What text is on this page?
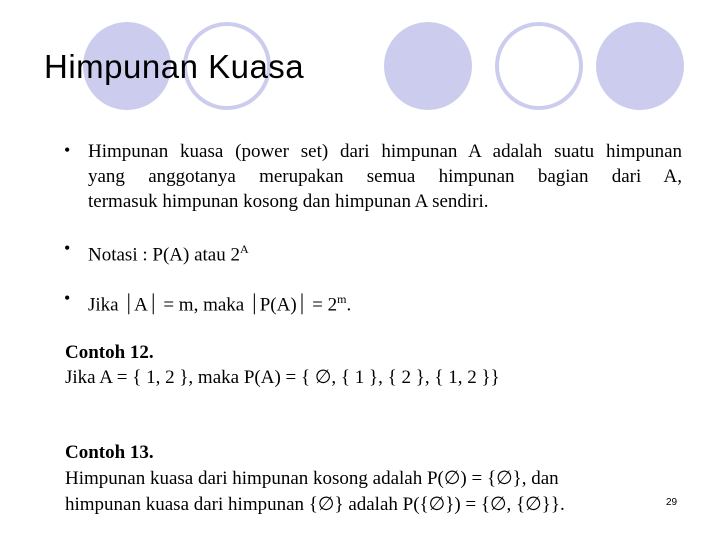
Himpunan Kuasa
• Himpunan kuasa (power set) dari himpunan A adalah suatu himpunan
yang anggotanya merupakan semua himpunan bagian dari A,
termasuk himpunan kosong dan himpunan A sendiri.
• Notasi : P(A) atau $2^A$
• Jika ⏐A⏐ = m, maka ⏐P(A)⏐ = $2^m$.
Contoh 12.
Jika A = { 1, 2 }, maka P(A) = { ∅, { 1 }, { 2 }, { 1, 2 }}
Contoh 13.
Himpunan kuasa dari himpunan kosong adalah P(∅) = {∅}, dan
himpunan kuasa dari himpunan {∅} adalah P({∅}) = {∅, {∅}}.	29
